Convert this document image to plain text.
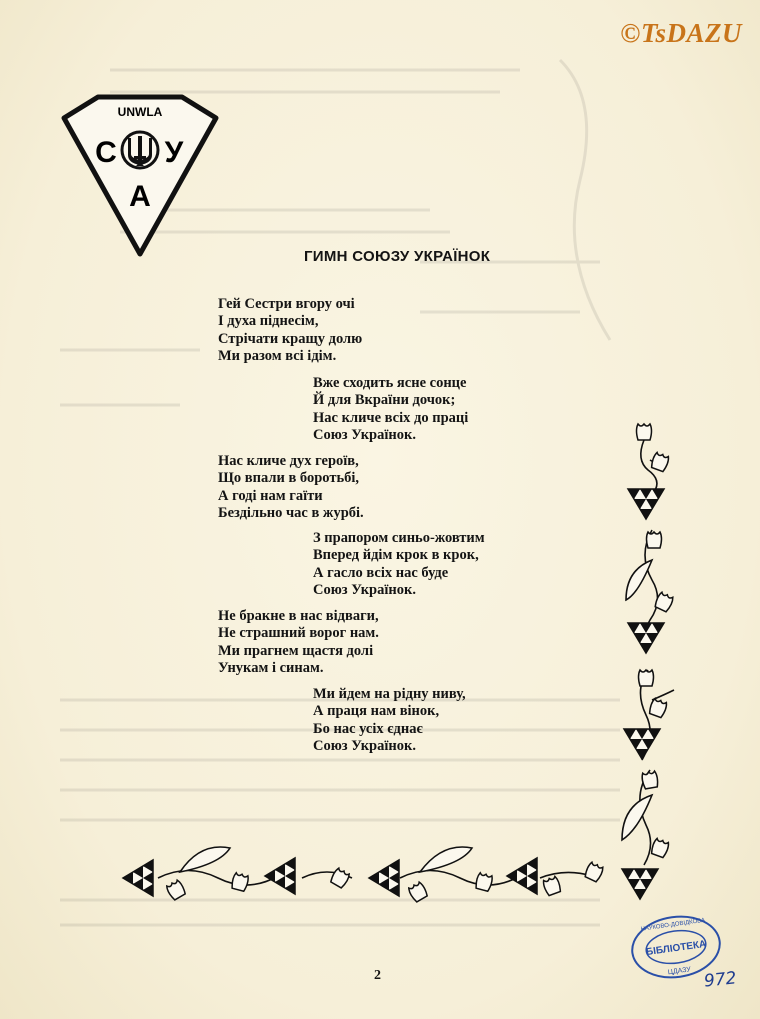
©TsDAZU
UNWLA
С У
А
ГИМН СОЮЗУ УКРАЇНОК
Гей Сестри вгору очі
І духа піднесім,
Стрічати кращу долю
Ми разом всі ідім.
Вже сходить ясне сонце
Й для Вкраїни дочок;
Нас кличе всіх до праці
Союз Українок.
Нас кличе дух героїв,
Що впали в боротьбі,
А годі нам гаїти
Бездільно час в журбі.
З прапором синьо-жовтим
Вперед йдім крок в крок,
А гасло всіх нас буде
Союз Українок.
Не бракне в нас відваги,
Не страшний ворог нам.
Ми прагнем щастя долі
Унукам і синам.
Ми йдем на рідну ниву,
А праця нам вінок,
Бо нас усіх єднає
Союз Українок.
2
НАУКОВО-ДОВІДКОВА
БІБЛІОТЕКА
ЦДАЗУ 972
